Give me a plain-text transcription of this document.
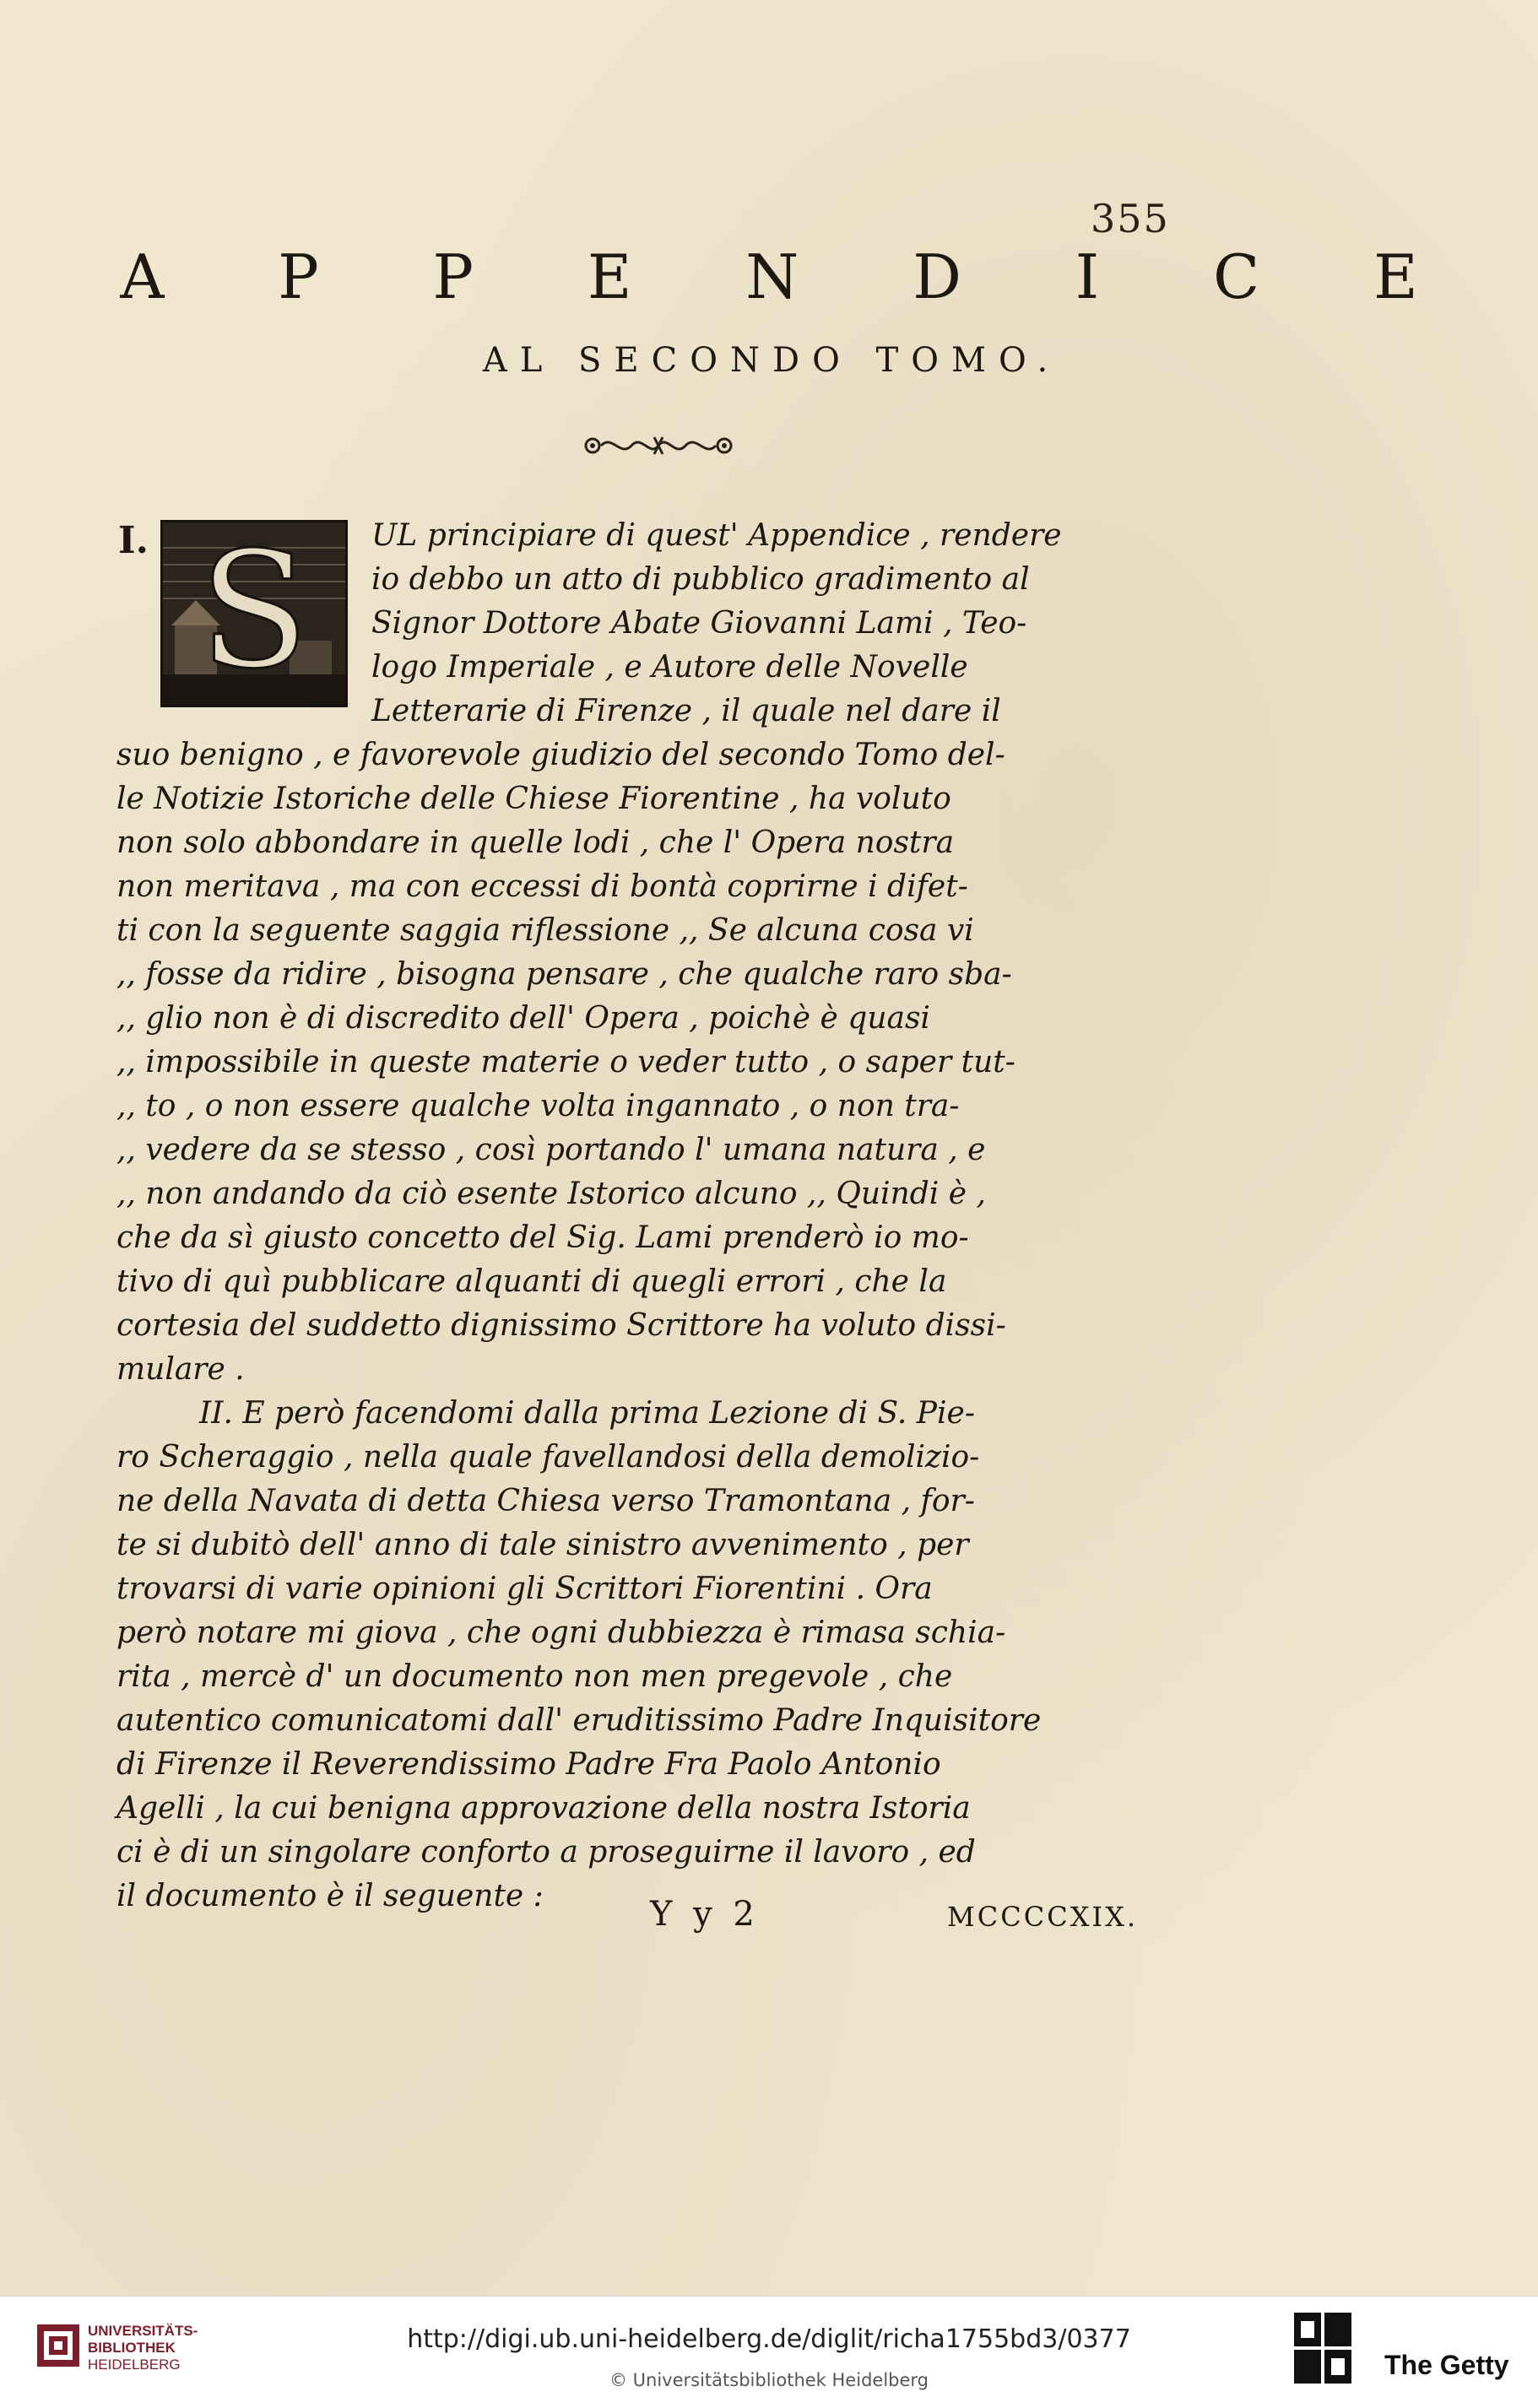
355
A P P E N D I C E
AL SECONDO TOMO.
I. S	UL principiare di quest' Appendice , rendere
io debbo un atto di pubblico gradimento al
Signor Dottore Abate Giovanni Lami , Teo-
logo Imperiale , e Autore delle Novelle
Letterarie di Firenze , il quale nel dare il
suo benigno , e favorevole giudizio del secondo Tomo del-
le Notizie Istoriche delle Chiese Fiorentine , ha voluto
non solo abbondare in quelle lodi , che l' Opera nostra
non meritava , ma con eccessi di bontà coprirne i difet-
ti con la seguente saggia riflessione ,, Se alcuna cosa vi
,, fosse da ridire , bisogna pensare , che qualche raro sba-
,, glio non è di discredito dell' Opera , poichè è quasi
,, impossibile in queste materie o veder tutto , o saper tut-
,, to , o non essere qualche volta ingannato , o non tra-
,, vedere da se stesso , così portando l' umana natura , e
,, non andando da ciò esente Istorico alcuno ,, Quindi è ,
che da sì giusto concetto del Sig. Lami prenderò io mo-
tivo di quì pubblicare alquanti di quegli errori , che la
cortesia del suddetto dignissimo Scrittore ha voluto dissi-
mulare .
II. E però facendomi dalla prima Lezione di S. Pie-
ro Scheraggio , nella quale favellandosi della demolizio-
ne della Navata di detta Chiesa verso Tramontana , for-
te si dubitò dell' anno di tale sinistro avvenimento , per
trovarsi di varie opinioni gli Scrittori Fiorentini . Ora
però notare mi giova , che ogni dubbiezza è rimasa schia-
rita , mercè d' un documento non men pregevole , che
autentico comunicatomi dall' eruditissimo Padre Inquisitore
di Firenze il Reverendissimo Padre Fra Paolo Antonio
Agelli , la cui benigna approvazione della nostra Istoria
ci è di un singolare conforto a proseguirne il lavoro , ed
il documento è il seguente :	Y y 2	MCCCCXIX.
UNIVERSITÄTS-
BIBLIOTHEK
HEIDELBERG
http://digi.ub.uni-heidelberg.de/diglit/richa1755bd3/0377
© Universitätsbibliothek Heidelberg	The Getty
